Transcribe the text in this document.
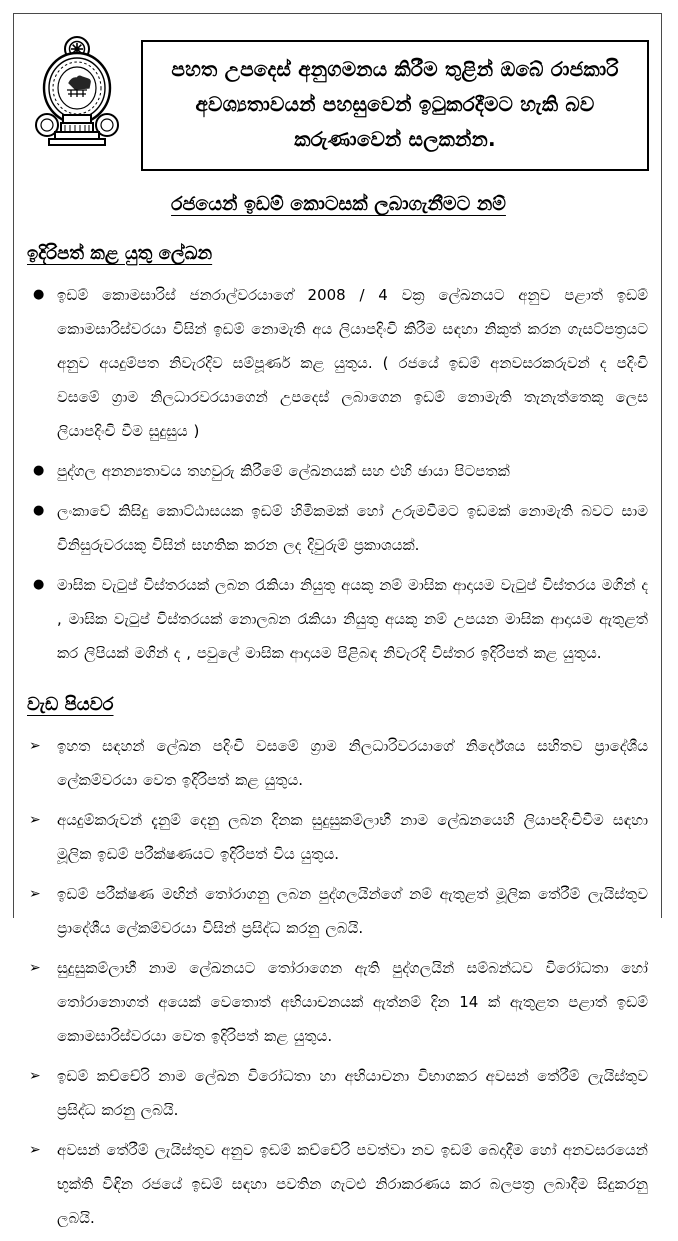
පහත උපදෙස් අනුගමනය කිරීම තුළින් ඔබේ රාජකාරි අවශ්‍යතාවයන් පහසුවෙන් ඉටුකරදීමට හැකි බව කරුණාවෙන් සලකන්න.
රජයෙන් ඉඩම් කොටසක් ලබාගැනීමට නම්
ඉදිරිපත් කළ යුතු ලේඛන
● ඉඩම් කොමසාරිස් ජනරාල්වරයාගේ 2008 / 4 වක්‍ර ලේඛනයට අනුව පළාත් ඉඩම් කොමසාරිස්වරයා විසින් ඉඩම් නොමැති අය ලියාපදිංචි කිරීම සඳහා නිකුත් කරන ගැසට්පත්‍රයට අනුව අයදුම්පත නිවැරදිව සම්පූර්ණ කළ යුතුය. ( රජයේ ඉඩම් අනවසරකරුවන් ද පදිංචි වසමේ ග්‍රාම නිලධාරවරයාගෙන් උපදෙස් ලබාගෙන ඉඩම් නොමැති තැනැත්තෙකු ලෙස ලියාපදිංචි වීම සුදුසුය )
● පුද්ගල අනන්‍යතාවය තහවුරු කිරීමේ ලේඛනයක් සහ එහි ඡායා පිටපතක්
● ලංකාවේ කිසිදු කොට්ඨාසයක ඉඩම් හිමිකමක් හෝ උරුමවීමට ඉඩමක් නොමැති බවට සාම විනිසුරුවරයකු විසින් සහතික කරන ලද දිවුරුම් ප්‍රකාශයක්.
● මාසික වැටුප් විස්තරයක් ලබන රැකියා නියුතු අයකු නම් මාසික ආදායම වැටුප් විස්තරය මගින් ද , මාසික වැටුප් විස්තරයක් නොලබන රැකියා නියුතු අයකු නම් උපයන මාසික ආදායම ඇතුළත් කර ලිපියක් මගින් ද , පවුලේ මාසික ආදායම පිළිබඳ නිවැරදි විස්තර ඉදිරිපත් කළ යුතුය.
වැඩ පියවර
➢	ඉහත සඳහන් ලේඛන පදිංචි වසමේ ග්‍රාම නිලධාරිවරයාගේ නිර්දේශය සහිතව ප්‍රාදේශීය ලේකම්වරයා වෙත ඉදිරිපත් කළ යුතුය.
➢	අයදුම්කරුවන් දැනුම් දෙනු ලබන දිනක සුදුසුකම්ලාභී නාම ලේඛනයෙහි ලියාපදිංචිවීම සඳහා මූලික ඉඩම් පරීක්ෂණයට ඉදිරිපත් විය යුතුය.
➢	ඉඩම් පරීක්ෂණ මඟින් තෝරාගනු ලබන පුද්ගලයින්ගේ නම් ඇතුළත් මූලික තේරීම් ලැයිස්තුව ප්‍රාදේශීය ලේකම්වරයා විසින් ප්‍රසිද්ධ කරනු ලබයි.
➢	සුදුසුකම්ලාභී නාම ලේඛනයට තෝරාගෙන ඇති පුද්ගලයින් සම්බන්ධව විරෝධතා හෝ තෝරානොගත් අයෙක් වෙතොත් අභියාචනයක් ඇත්නම් දින 14 ක් ඇතුළත පළාත් ඉඩම් කොමසාරිස්වරයා වෙත ඉදිරිපත් කළ යුතුය.
➢	ඉඩම් කච්චේරි නාම ලේඛන විරෝධතා හා අභියාචනා විභාගකර අවසන් තේරීම් ලැයිස්තුව ප්‍රසිද්ධ කරනු ලබයි.
➢	අවසන් තේරීම් ලැයිස්තුව අනුව ඉඩම් කච්චේරි පවත්වා නව ඉඩම් බෙදාදීම හෝ අනවසරයෙන් භුක්ති විඳින රජයේ ඉඩම් සඳහා පවතින ගැටළු නිරාකරණය කර බලපත්‍ර ලබාදීම සිදුකරනු ලබයි.
